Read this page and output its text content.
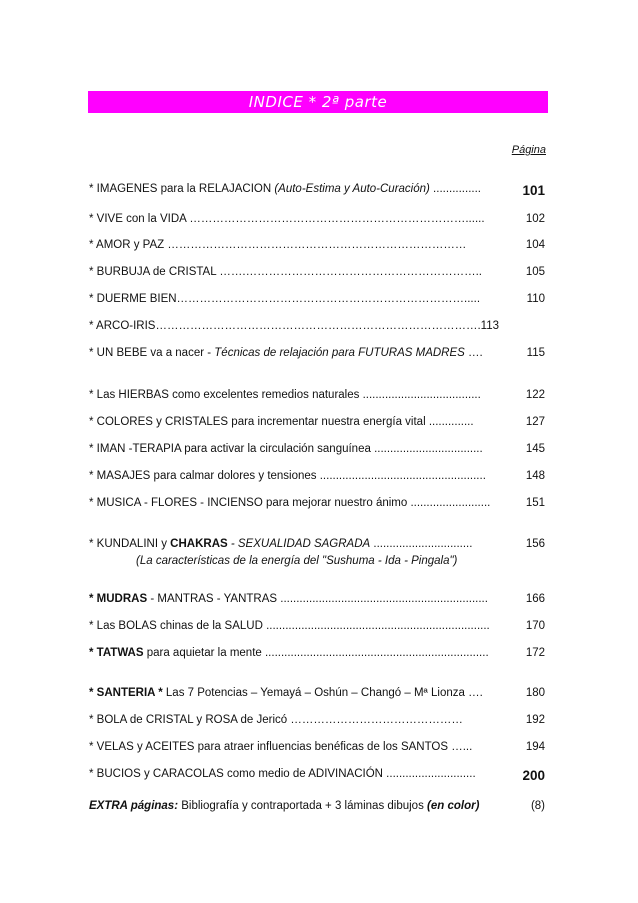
INDICE * 2ª parte
Página
* IMAGENES para la RELAJACION (Auto-Estima y Auto-Curación) ...............	101
* VIVE con la VIDA ………………………………………………………………......	102
* AMOR y PAZ ……………………………………………………………………	104
* BURBUJA de CRISTAL …….……………………………………………………..	105
* DUERME BIEN………………………………………………………………….....	110
* ARCO-IRIS………………………………………………………………………….113
* UN BEBE va a nacer - Técnicas de relajación para FUTURAS MADRES ….	115
* Las HIERBAS como excelentes remedios naturales .....................................	122
* COLORES y CRISTALES para incrementar nuestra energía vital ..............	127
* IMAN -TERAPIA para activar la circulación sanguínea ..................................	145
* MASAJES para calmar dolores y tensiones ....................................................	148
* MUSICA - FLORES - INCIENSO para mejorar nuestro ánimo .........................	151
* KUNDALINI y CHAKRAS - SEXUALIDAD SAGRADA ...............................	156
(La características de la energía del "Sushuma - Ida - Pingala")
* MUDRAS - MANTRAS - YANTRAS .................................................................	166
* Las BOLAS chinas de la SALUD ......................................................................	170
* TATWAS para aquietar la mente ......................................................................	172
* SANTERIA * Las 7 Potencias – Yemayá – Oshún – Changó – Mª Lionza ….	180
* BOLA de CRISTAL y ROSA de Jericó ………………………………………	192
* VELAS y ACEITES para atraer influencias benéficas de los SANTOS …...	194
* BUCIOS y CARACOLAS como medio de ADIVINACIÓN ............................	200
EXTRA páginas: Bibliografía y contraportada + 3 láminas dibujos (en color)	(8)
